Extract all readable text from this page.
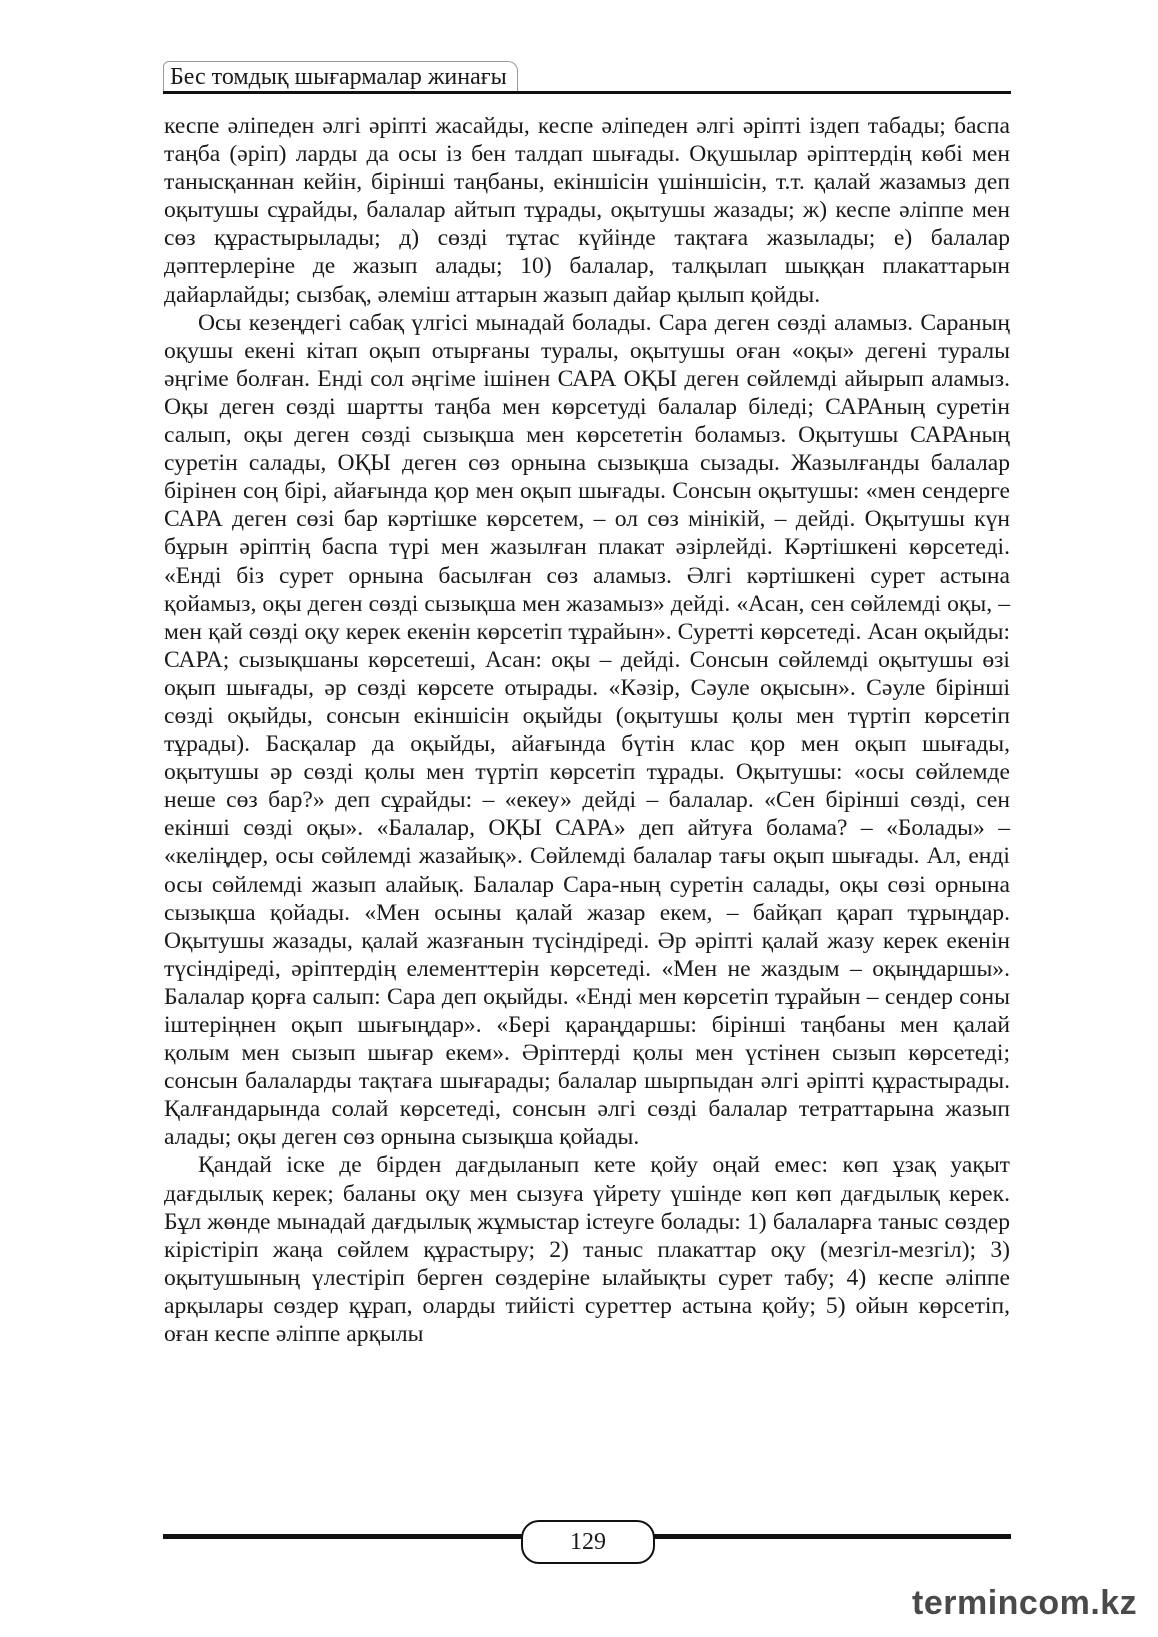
Бес томдық шығармалар жинағы

кеспе әліпеден әлгі әріпті жасайды, кеспе әліпеден әлгі әріпті іздеп табады; баспа таңба (әріп) ларды да осы із бен талдап шығады. Оқушылар әріптердің көбі мен танысқаннан кейін, бірінші таңбаны, екіншісін үшіншісін, т.т. қалай жазамыз деп оқытушы сұрайды, балалар айтып тұрады, оқытушы жазады; ж) кеспе әліппе мен сөз құрастырылады; д) сөзді тұтас күйінде тақтаға жазылады; е) балалар дәптерлеріне де жазып алады; 10) балалар, талқылап шыққан плакаттарын дайарлайды; сызбақ, әлеміш аттарын жазып дайар қылып қойды.

Осы кезеңдегі сабақ үлгісі мынадай болады. Сара деген сөзді аламыз. Сараның оқушы екені кітап оқып отырғаны туралы, оқытушы оған «оқы» дегені туралы әңгіме болған. Енді сол әңгіме ішінен САРА ОҚЫ деген сөйлемді айырып аламыз. Оқы деген сөзді шартты таңба мен көрсетуді балалар біледі; САРАның суретін салып, оқы деген сөзді сызықша мен көрсететін боламыз. Оқытушы САРАның суретін салады, ОҚЫ деген сөз орнына сызықша сызады. Жазылғанды балалар бірінен соң бірі, айағында қор мен оқып шығады. Сонсын оқытушы: «мен сендерге САРА деген сөзі бар кәртішке көрсетем, – ол сөз мінікій, – дейді. Оқытушы күн бұрын әріптің баспа түрі мен жазылған плакат әзірлейді. Кәртішкені көрсетеді. «Енді біз сурет орнына басылған сөз аламыз. Әлгі кәртішкені сурет астына қойамыз, оқы деген сөзді сызықша мен жазамыз» дейді. «Асан, сен сөйлемді оқы, – мен қай сөзді оқу керек екенін көрсетіп тұрайын». Суретті көрсетеді. Асан оқыйды: САРА; сызықшаны көрсетеші, Асан: оқы – дейді. Сонсын сөйлемді оқытушы өзі оқып шығады, әр сөзді көрсете отырады. «Кәзір, Сәуле оқысын». Сәуле бірінші сөзді оқыйды, сонсын екіншісін оқыйды (оқытушы қолы мен түртіп көрсетіп тұрады). Басқалар да оқыйды, айағында бүтін клас қор мен оқып шығады, оқытушы әр сөзді қолы мен түртіп көрсетіп тұрады. Оқытушы: «осы сөйлемде неше сөз бар?» деп сұрайды: – «екеу» дейді – балалар. «Сен бірінші сөзді, сен екінші сөзді оқы». «Балалар, ОҚЫ САРА» деп айтуға болама? – «Болады» – «келіңдер, осы сөйлемді жазайық». Сөйлемді балалар тағы оқып шығады. Ал, енді осы сөйлемді жазып алайық. Балалар Сара-ның суретін салады, оқы сөзі орнына сызықша қойады. «Мен осыны қалай жазар екем, – байқап қарап тұрыңдар. Оқытушы жазады, қалай жазғанын түсіндіреді. Әр әріпті қалай жазу керек екенін түсіндіреді, әріптердің елементтерін көрсетеді. «Мен не жаздым – оқыңдаршы». Балалар қорға салып: Сара деп оқыйды. «Енді мен көрсетіп тұрайын – сендер соны іштеріңнен оқып шығыңдар». «Бері қараңдаршы: бірінші таңбаны мен қалай қолым мен сызып шығар екем». Әріптерді қолы мен үстінен сызып көрсетеді; сонсын балаларды тақтаға шығарады; балалар шырпыдан әлгі әріпті құрастырады. Қалғандарында солай көрсетеді, сонсын әлгі сөзді балалар тетраттарына жазып алады; оқы деген сөз орнына сызықша қойады.

Қандай іске де бірден дағдыланып кете қойу оңай емес: көп ұзақ уақыт дағдылық керек; баланы оқу мен сызуға үйрету үшінде көп көп дағдылық керек. Бұл жөнде мынадай дағдылық жұмыстар істеуге болады: 1) балаларға таныс сөздер кірістіріп жаңа сөйлем құрастыру; 2) таныс плакаттар оқу (мезгіл-мезгіл); 3) оқытушының үлестіріп берген сөздеріне ылайықты сурет табу; 4) кеспе әліппе арқылары сөздер құрап, оларды тийісті суреттер астына қойу; 5) ойын көрсетіп, оған кеспе әліппе арқылы

129
termincom.kz
